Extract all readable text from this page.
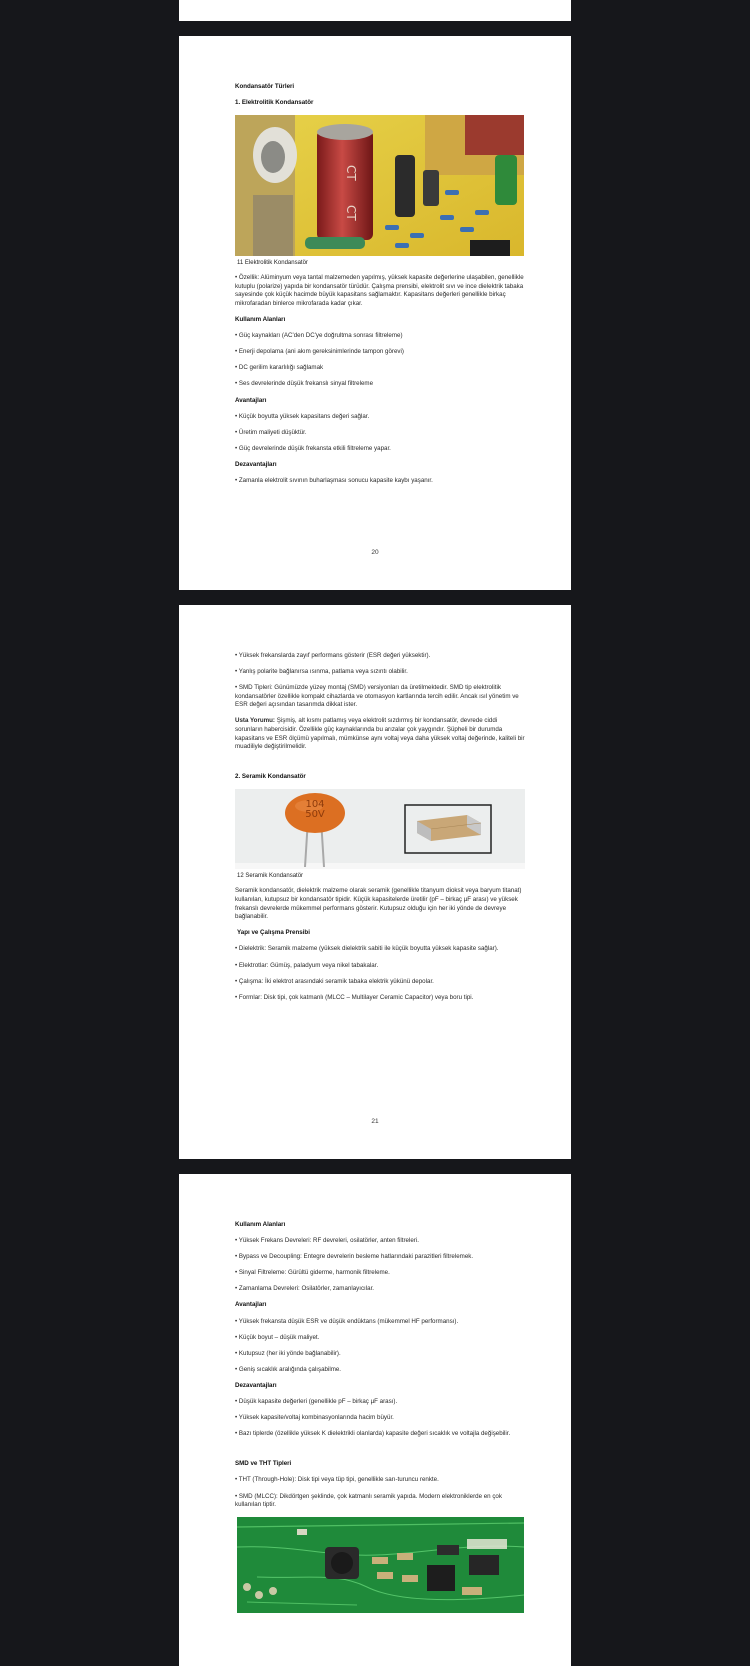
Kondansatör Türleri
1. Elektrolitik Kondansatör
CT
CT
11 Elektrolitik Kondansatör
• Özellik: Alüminyum veya tantal malzemeden yapılmış, yüksek kapasite değerlerine ulaşabilen, genellikle kutuplu (polarize) yapıda bir kondansatör türüdür. Çalışma prensibi, elektrolit sıvı ve ince dielektrik tabaka sayesinde çok küçük hacimde büyük kapasitans sağlamaktır. Kapasitans değerleri genellikle birkaç mikrofaradan binlerce mikrofarada kadar çıkar.
Kullanım Alanları
• Güç kaynakları (AC'den DC'ye doğrultma sonrası filtreleme)
• Enerji depolama (ani akım gereksinimlerinde tampon görevi)
• DC gerilim kararlılığı sağlamak
• Ses devrelerinde düşük frekanslı sinyal filtreleme
Avantajları
• Küçük boyutta yüksek kapasitans değeri sağlar.
• Üretim maliyeti düşüktür.
• Güç devrelerinde düşük frekansta etkili filtreleme yapar.
Dezavantajları
• Zamanla elektrolit sıvının buharlaşması sonucu kapasite kaybı yaşanır.
20
• Yüksek frekanslarda zayıf performans gösterir (ESR değeri yüksektir).
• Yanlış polarite bağlanırsa ısınma, patlama veya sızıntı olabilir.
• SMD Tipleri: Günümüzde yüzey montaj (SMD) versiyonları da üretilmektedir. SMD tip elektrolitik kondansatörler özellikle kompakt cihazlarda ve otomasyon kartlarında tercih edilir. Ancak ısıl yönetim ve ESR değeri açısından tasarımda dikkat ister.
Usta Yorumu: Şişmiş, alt kısmı patlamış veya elektrolit sızdırmış bir kondansatör, devrede ciddi sorunların habercisidir. Özellikle güç kaynaklarında bu arızalar çok yaygındır. Şüpheli bir durumda kapasitans ve ESR ölçümü yapılmalı, mümkünse aynı voltaj veya daha yüksek voltaj değerinde, kaliteli bir muadiliyle değiştirilmelidir.
2. Seramik Kondansatör
104
50V
12 Seramik Kondansatör
Seramik kondansatör, dielektrik malzeme olarak seramik (genellikle titanyum dioksit veya baryum titanat) kullanılan, kutupsuz bir kondansatör tipidir. Küçük kapasitelerde üretilir (pF – birkaç µF arası) ve yüksek frekanslı devrelerde mükemmel performans gösterir. Kutupsuz olduğu için her iki yönde de devreye bağlanabilir.
Yapı ve Çalışma Prensibi
• Dielektrik: Seramik malzeme (yüksek dielektrik sabiti ile küçük boyutta yüksek kapasite sağlar).
• Elektrotlar: Gümüş, paladyum veya nikel tabakalar.
• Çalışma: İki elektrot arasındaki seramik tabaka elektrik yükünü depolar.
• Formlar: Disk tipi, çok katmanlı (MLCC – Multilayer Ceramic Capacitor) veya boru tipi.
21
Kullanım Alanları
• Yüksek Frekans Devreleri: RF devreleri, osilatörler, anten filtreleri.
• Bypass ve Decoupling: Entegre devrelerin besleme hatlarındaki parazitleri filtrelemek.
• Sinyal Filtreleme: Gürültü giderme, harmonik filtreleme.
• Zamanlama Devreleri: Osilatörler, zamanlayıcılar.
Avantajları
• Yüksek frekansta düşük ESR ve düşük endüktans (mükemmel HF performansı).
• Küçük boyut – düşük maliyet.
• Kutupsuz (her iki yönde bağlanabilir).
• Geniş sıcaklık aralığında çalışabilme.
Dezavantajları
• Düşük kapasite değerleri (genellikle pF – birkaç µF arası).
• Yüksek kapasite/voltaj kombinasyonlarında hacim büyür.
• Bazı tiplerde (özellikle yüksek K dielektrikli olanlarda) kapasite değeri sıcaklık ve voltajla değişebilir.
SMD ve THT Tipleri
• THT (Through-Hole): Disk tipi veya tüp tipi, genellikle sarı-turuncu renkte.
• SMD (MLCC): Dikdörtgen şeklinde, çok katmanlı seramik yapıda. Modern elektroniklerde en çok kullanılan tiptir.
